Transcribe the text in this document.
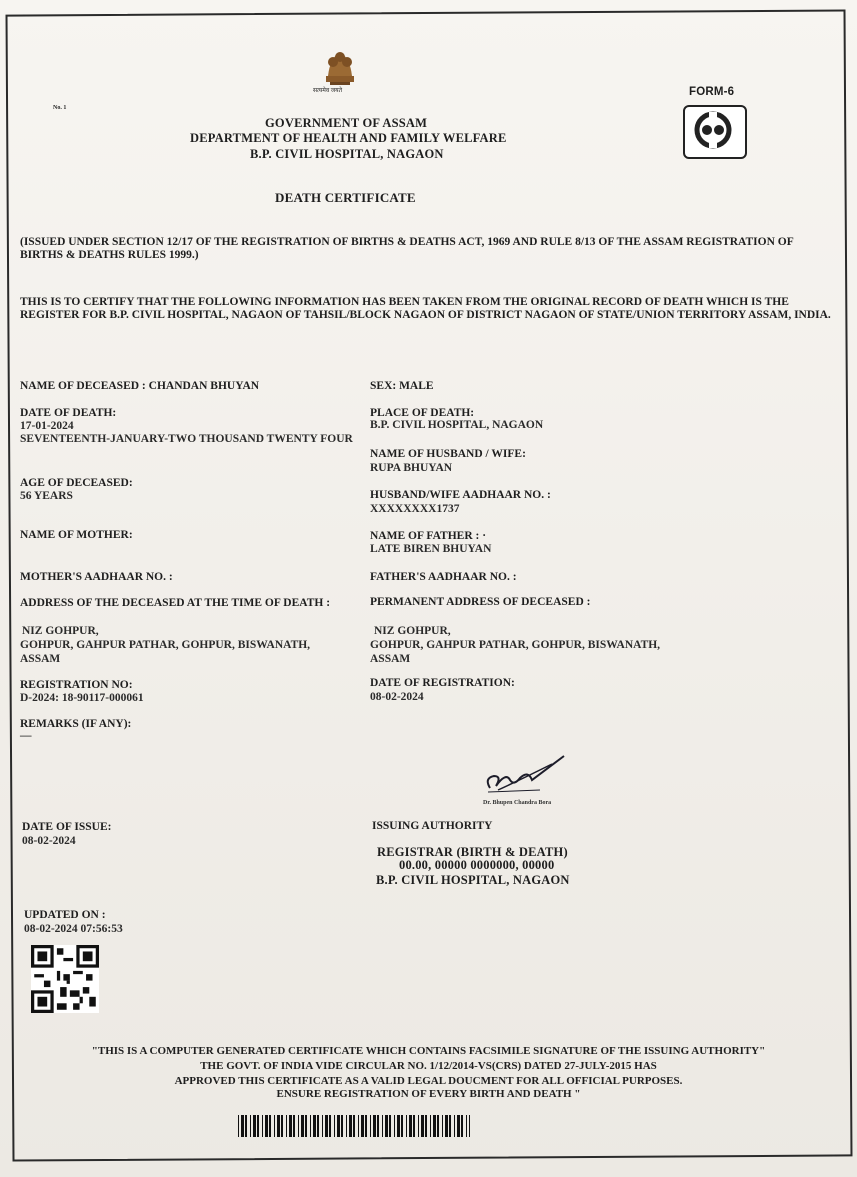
सत्यमेव जयते
No. 1
FORM-6
GOVERNMENT OF ASSAM
DEPARTMENT OF HEALTH AND FAMILY WELFARE
B.P. CIVIL HOSPITAL, NAGAON
DEATH CERTIFICATE
(ISSUED UNDER SECTION 12/17 OF THE REGISTRATION OF BIRTHS & DEATHS ACT, 1969 AND RULE 8/13 OF THE ASSAM REGISTRATION OF BIRTHS & DEATHS RULES 1999.)
THIS IS TO CERTIFY THAT THE FOLLOWING INFORMATION HAS BEEN TAKEN FROM THE ORIGINAL RECORD OF DEATH WHICH IS THE REGISTER FOR B.P. CIVIL HOSPITAL, NAGAON OF TAHSIL/BLOCK NAGAON OF DISTRICT NAGAON OF STATE/UNION TERRITORY ASSAM, INDIA.
NAME OF DECEASED : CHANDAN BHUYAN
DATE OF DEATH:
17-01-2024
SEVENTEENTH-JANUARY-TWO THOUSAND TWENTY FOUR
AGE OF DECEASED:
56 YEARS
NAME OF MOTHER:
MOTHER'S AADHAAR NO. :
ADDRESS OF THE DECEASED AT THE TIME OF DEATH :
NIZ GOHPUR,
GOHPUR, GAHPUR PATHAR, GOHPUR, BISWANATH,
ASSAM
REGISTRATION NO:
D-2024: 18-90117-000061
REMARKS (IF ANY):
—
SEX: MALE
PLACE OF DEATH:
B.P. CIVIL HOSPITAL, NAGAON
NAME OF HUSBAND / WIFE:
RUPA BHUYAN
HUSBAND/WIFE AADHAAR NO. :
XXXXXXXX1737
NAME OF FATHER : ·
LATE BIREN BHUYAN
FATHER'S AADHAAR NO. :
PERMANENT ADDRESS OF DECEASED :
NIZ GOHPUR,
GOHPUR, GAHPUR PATHAR, GOHPUR, BISWANATH,
ASSAM
DATE OF REGISTRATION:
08-02-2024
Dr. Bhupen Chandra Bora
DATE OF ISSUE:
08-02-2024
ISSUING AUTHORITY
REGISTRAR (BIRTH & DEATH)
00.00, 00000 0000000, 00000
B.P. CIVIL HOSPITAL, NAGAON
UPDATED ON :
08-02-2024 07:56:53
"THIS IS A COMPUTER GENERATED CERTIFICATE WHICH CONTAINS FACSIMILE SIGNATURE OF THE ISSUING AUTHORITY"
THE GOVT. OF INDIA VIDE CIRCULAR NO. 1/12/2014-VS(CRS) DATED 27-JULY-2015 HAS
APPROVED THIS CERTIFICATE AS A VALID LEGAL DOUCMENT FOR ALL OFFICIAL PURPOSES.
ENSURE REGISTRATION OF EVERY BIRTH AND DEATH "
